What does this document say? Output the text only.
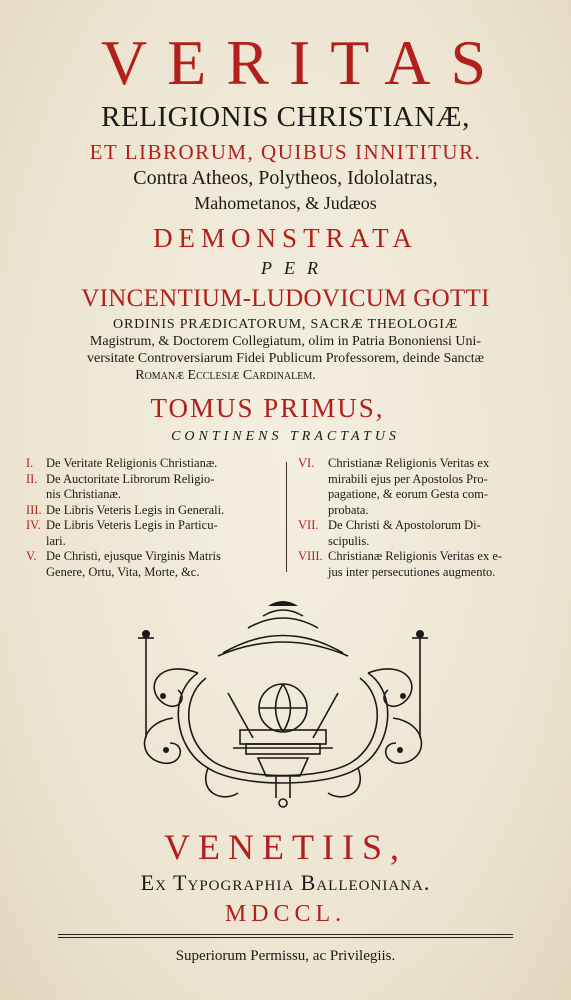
VERITAS
RELIGIONIS CHRISTIANÆ,
ET LIBRORUM, QUIBUS INNITITUR.
Contra Atheos, Polytheos, Idololatras,
Mahometanos, & Judæos
DEMONSTRATA
PER
VINCENTIUM-LUDOVICUM GOTTI
ORDINIS PRÆDICATORUM, SACRÆ THEOLOGIÆ
Magistrum, & Doctorem Collegiatum, olim in Patria Bononiensi Uni-
versitate Controversiarum Fidei Publicum Professorem, deinde Sanctæ
Romanæ Ecclesiæ Cardinalem.
TOMUS PRIMUS,
CONTINENS TRACTATUS
I. De Veritate Religionis Christianæ.
II. De Auctoritate Librorum Religio-
nis Christianæ.
III. De Libris Veteris Legis in Generali.
IV. De Libris Veteris Legis in Particu-
lari.
V. De Christi, ejusque Virginis Matris
Genere, Ortu, Vita, Morte, &c.
VI. Christianæ Religionis Veritas ex
mirabili ejus per Apostolos Pro-
pagatione, & eorum Gesta com-
probata.
VII. De Christi & Apostolorum Di-
scipulis.
VIII. Christianæ Religionis Veritas ex e-
jus inter persecutiones augmento.
VENETIIS,
Ex Typographia Balleoniana.
MDCCL.
Superiorum Permissu, ac Privilegiis.
